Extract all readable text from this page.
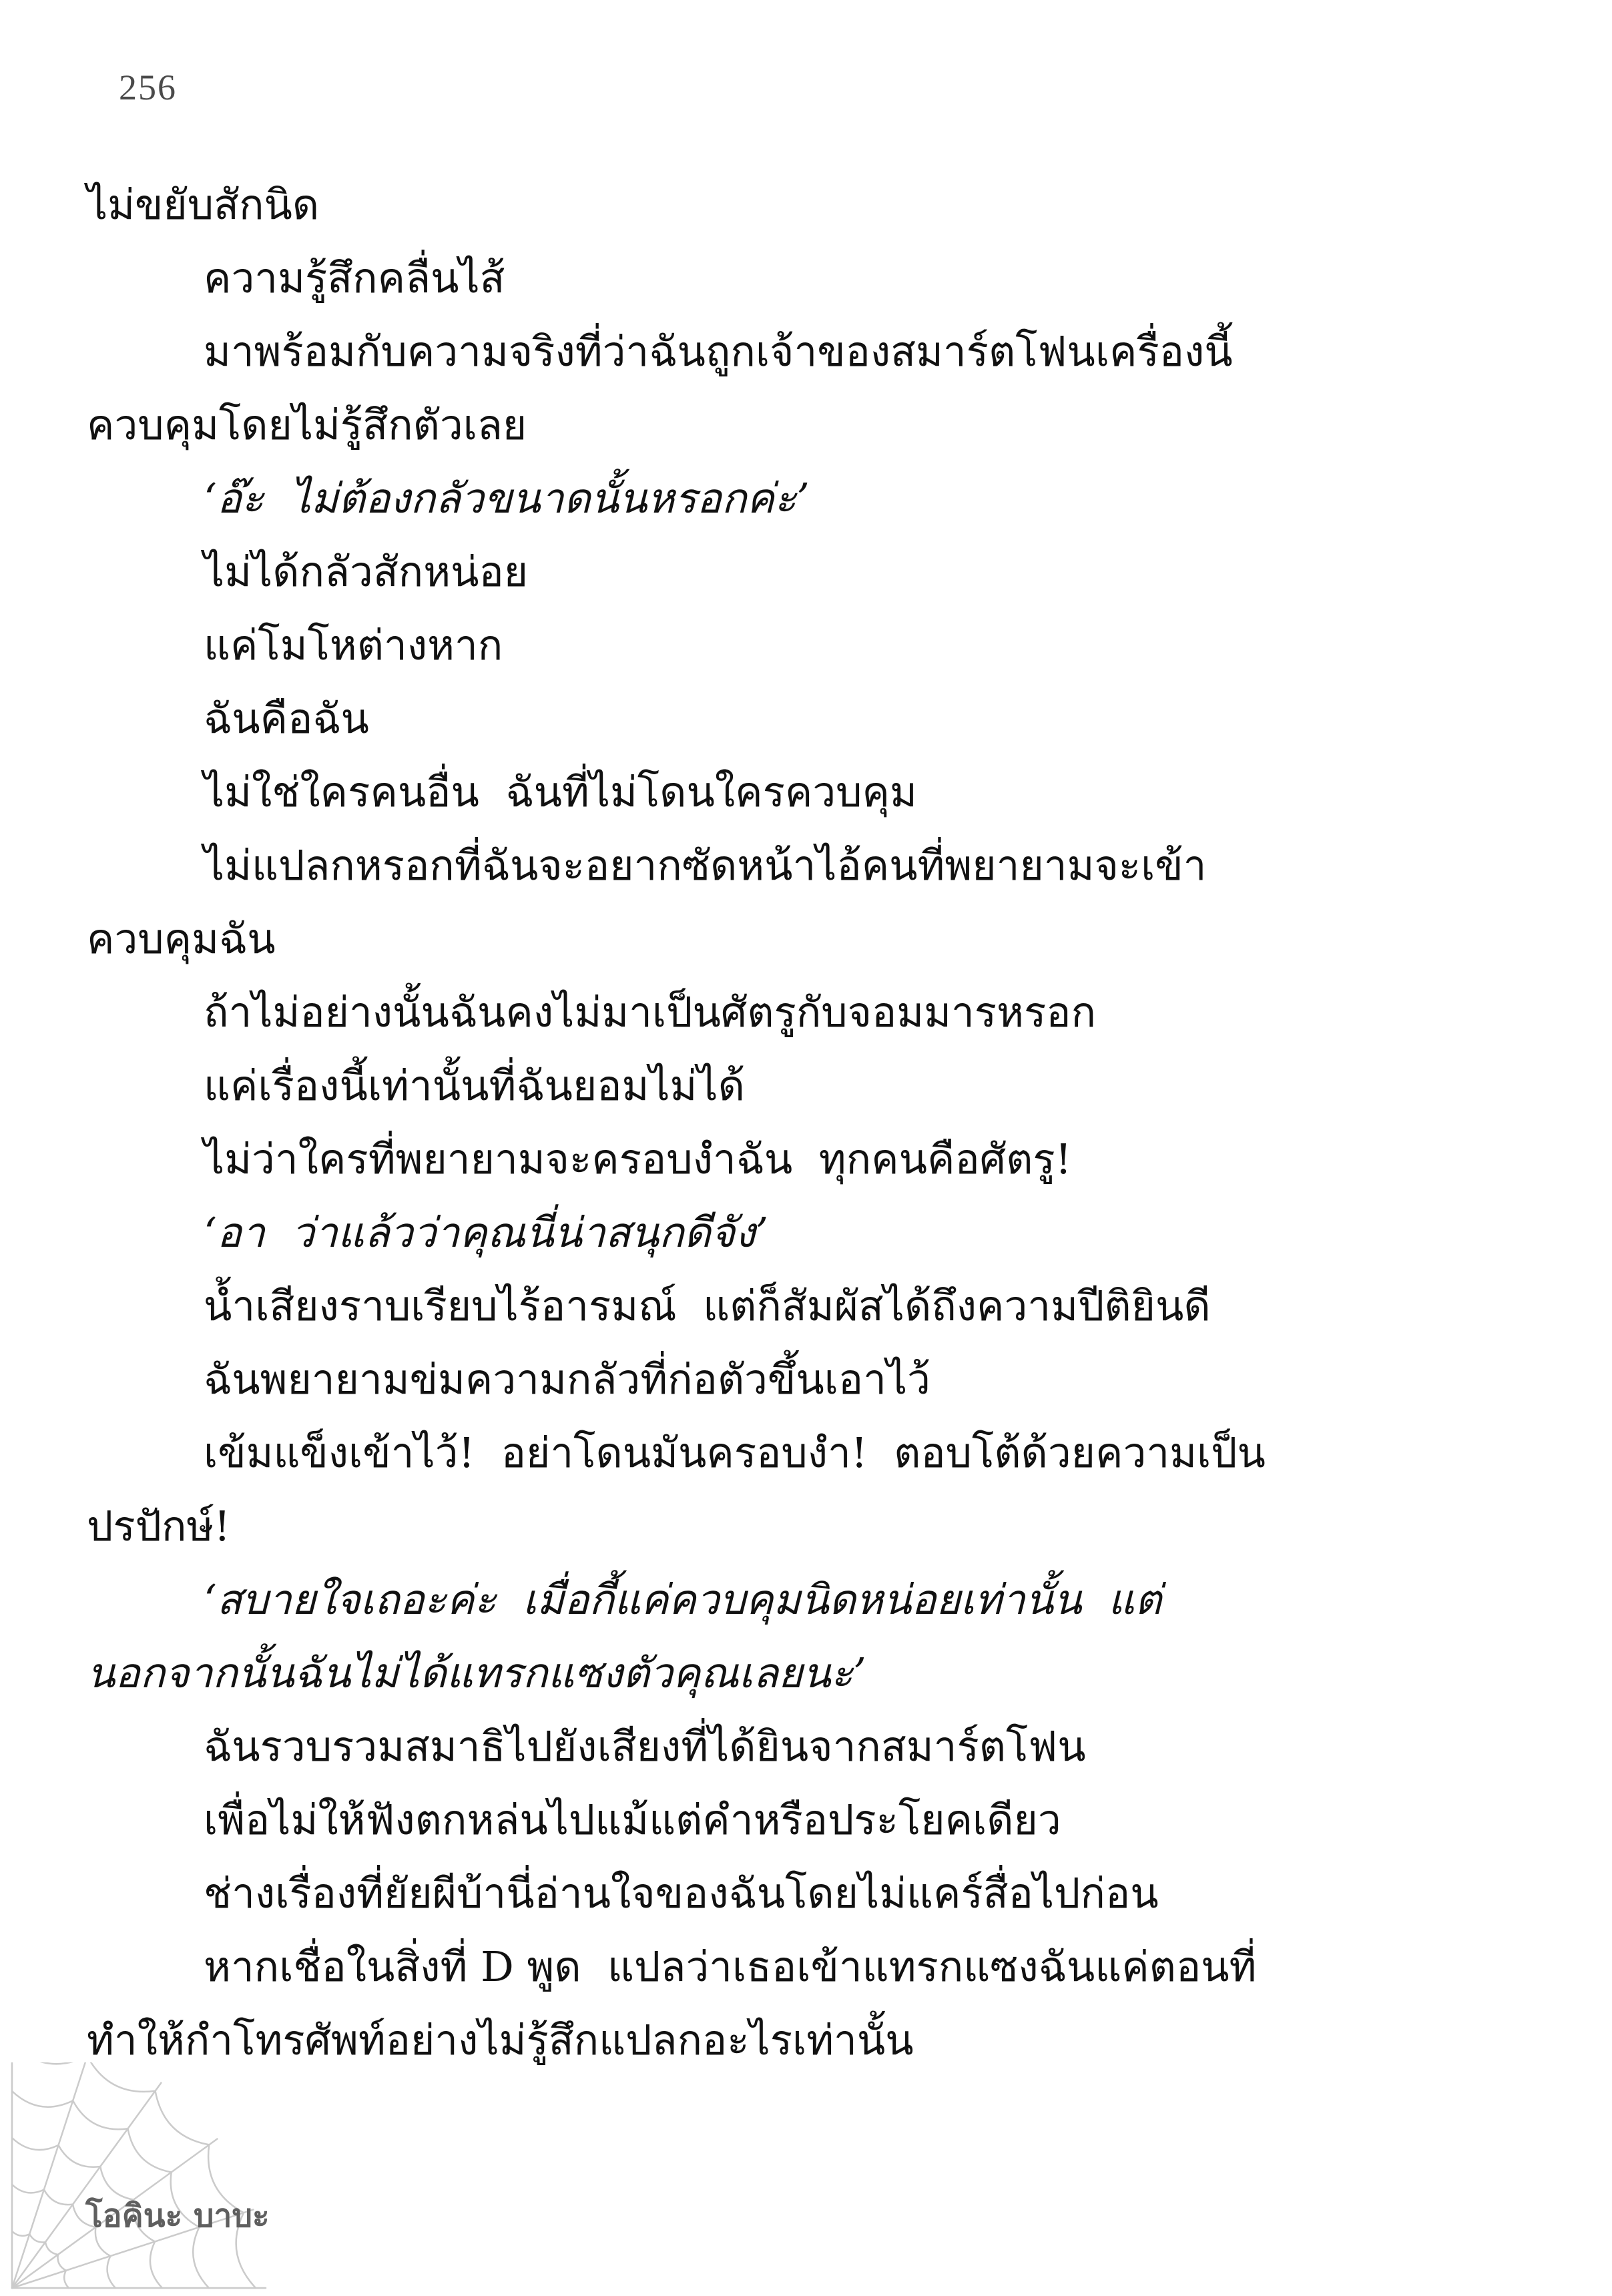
256
ไม่ขยับสักนิด
ความรู้สึกคลื่นไส้
มาพร้อมกับความจริงที่ว่าฉันถูกเจ้าของสมาร์ตโฟนเครื่องนี้
ควบคุมโดยไม่รู้สึกตัวเลย
‘อ๊ะ  ไม่ต้องกลัวขนาดนั้นหรอกค่ะ’
ไม่ได้กลัวสักหน่อย
แค่โมโหต่างหาก
ฉันคือฉัน
ไม่ใช่ใครคนอื่น  ฉันที่ไม่โดนใครควบคุม
ไม่แปลกหรอกที่ฉันจะอยากซัดหน้าไอ้คนที่พยายามจะเข้า
ควบคุมฉัน
ถ้าไม่อย่างนั้นฉันคงไม่มาเป็นศัตรูกับจอมมารหรอก
แค่เรื่องนี้เท่านั้นที่ฉันยอมไม่ได้
ไม่ว่าใครที่พยายามจะครอบงำฉัน  ทุกคนคือศัตรู!
‘อา  ว่าแล้วว่าคุณนี่น่าสนุกดีจัง’
น้ำเสียงราบเรียบไร้อารมณ์  แต่ก็สัมผัสได้ถึงความปีติยินดี
ฉันพยายามข่มความกลัวที่ก่อตัวขึ้นเอาไว้
เข้มแข็งเข้าไว้!  อย่าโดนมันครอบงำ!  ตอบโต้ด้วยความเป็น
ปรปักษ์!
‘สบายใจเถอะค่ะ  เมื่อกี้แค่ควบคุมนิดหน่อยเท่านั้น  แต่
นอกจากนั้นฉันไม่ได้แทรกแซงตัวคุณเลยนะ’
ฉันรวบรวมสมาธิไปยังเสียงที่ได้ยินจากสมาร์ตโฟน
เพื่อไม่ให้ฟังตกหล่นไปแม้แต่คำหรือประโยคเดียว
ช่างเรื่องที่ยัยผีบ้านี่อ่านใจของฉันโดยไม่แคร์สื่อไปก่อน
หากเชื่อในสิ่งที่ D พูด  แปลว่าเธอเข้าแทรกแซงฉันแค่ตอนที่
ทำให้กำโทรศัพท์อย่างไม่รู้สึกแปลกอะไรเท่านั้น
โอคินะ บาบะ
